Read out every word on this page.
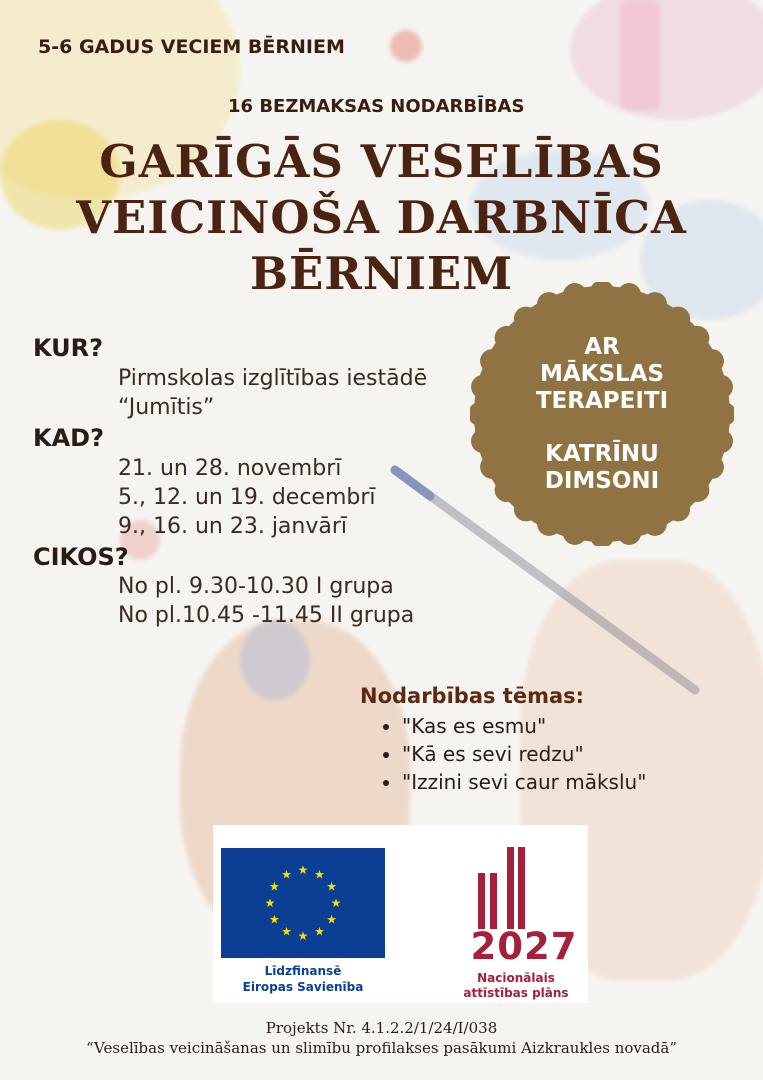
5-6 GADUS VECIEM BĒRNIEM
16 BEZMAKSAS NODARBĪBAS
GARĪGĀS VESELĪBAS
VEICINOŠA DARBNĪCA
BĒRNIEM
AR
MĀKSLAS
TERAPEITI
KATRĪNU
DIMSONI
KUR?
Pirmskolas izglītības iestādē
“Jumītis”
KAD?
21. un 28. novembrī
5., 12. un 19. decembrī
9., 16. un 23. janvārī
CIKOS?
No pl. 9.30-10.30 I grupa
No pl.10.45 -11.45 II grupa
Nodarbības tēmas:
• "Kas es esmu"
• "Kā es sevi redzu"
• "Izzini sevi caur mākslu"
★ ★
★
★
★
★
★
★
★
★
★
★
Līdzfinansē
Eiropas Savienība
2027
Nacionālais
attīstības plāns
Projekts Nr. 4.1.2.2/1/24/I/038
“Veselības veicināšanas un slimību profilakses pasākumi Aizkraukles novadā”
